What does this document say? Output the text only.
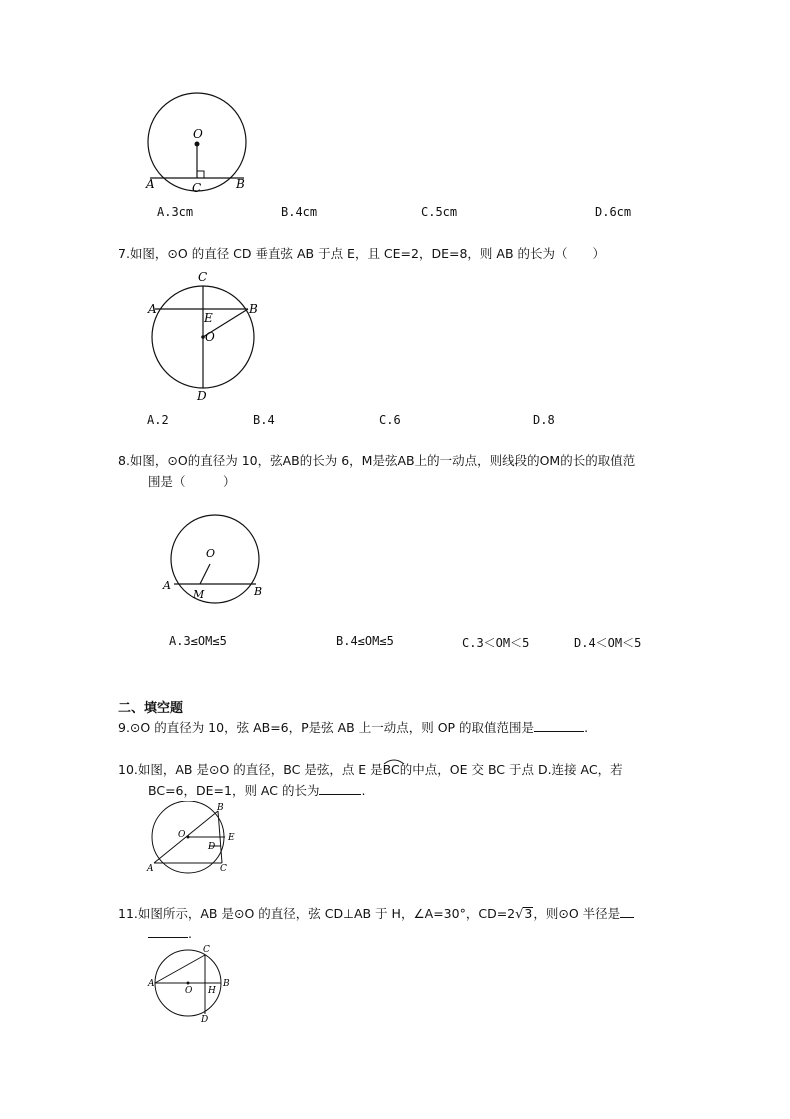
O
A	C	B
A.3cm	B.4cm	C.5cm	D.6cm
7.如图，⊙O 的直径 CD 垂直弦 AB 于点 E，且 CE=2，DE=8，则 AB 的长为（　　）
C
A	B
E
O
D
A.2	B.4	C.6	D.8
8.如图，⊙O的直径为 10，弦AB的长为 6，M是弦AB上的一动点，则线段的OM的长的取值范
围是（　　　）
O
A
M	B
A.3≤OM≤5	B.4≤OM≤5	C.3＜OM＜5	D.4＜OM＜5
二、填空题
9.⊙O 的直径为 10，弦 AB=6，P是弦 AB 上一动点，则 OP 的取值范围是	.
10.如图，AB 是⊙O 的直径，BC 是弦，点 E 是
BC的中点，OE 交 BC 于点 D.连接 AC，若
BC=6，DE=1，则 AC 的长为	.
B
O	E
D
A	C
11.如图所示，AB 是⊙O 的直径，弦 CD⊥AB 于 H，∠A=30°，CD=2√3，则⊙O 半径是
.
C
A
O H
B
D
